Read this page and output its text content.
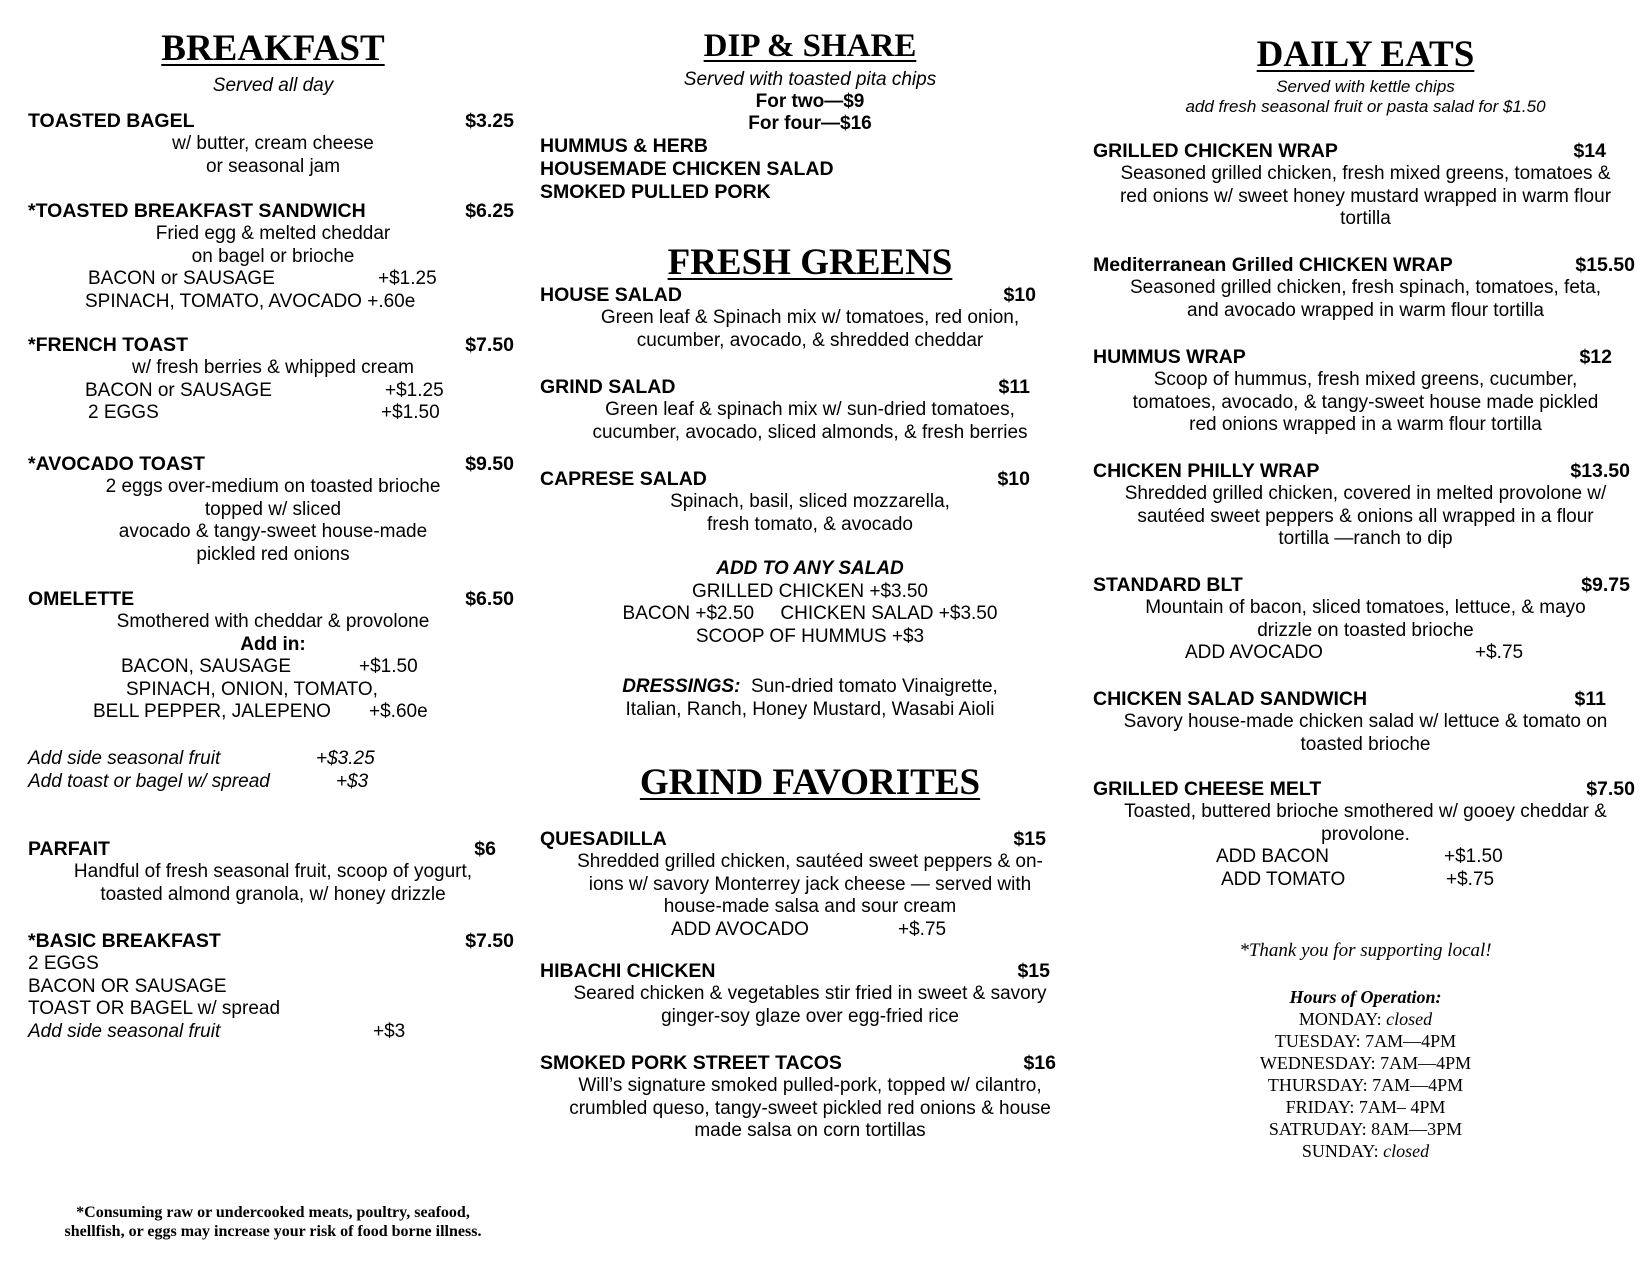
BREAKFAST
Served all day
TOASTED BAGEL	$3.25
w/ butter, cream cheese
or seasonal jam
*TOASTED BREAKFAST SANDWICH	$6.25
Fried egg & melted cheddar
on bagel or brioche
BACON or SAUSAGE	+$1.25
SPINACH, TOMATO, AVOCADO +.60e
*FRENCH TOAST	$7.50
w/ fresh berries & whipped cream
BACON or SAUSAGE	+$1.25
2 EGGS	+$1.50
*AVOCADO TOAST	$9.50
2 eggs over-medium on toasted brioche
topped w/ sliced
avocado & tangy-sweet house-made
pickled red onions
OMELETTE	$6.50
Smothered with cheddar & provolone
Add in:
BACON, SAUSAGE	+$1.50
SPINACH, ONION, TOMATO,
BELL PEPPER, JALEPENO	+$.60e
Add side seasonal fruit	+$3.25
Add toast or bagel w/ spread	+$3
PARFAIT	$6
Handful of fresh seasonal fruit, scoop of yogurt,
toasted almond granola, w/ honey drizzle
*BASIC BREAKFAST	$7.50
2 EGGS
BACON OR SAUSAGE
TOAST OR BAGEL w/ spread
Add side seasonal fruit	+$3
*Consuming raw or undercooked meats, poultry, seafood,
shellfish, or eggs may increase your risk of food borne illness.
DIP & SHARE
Served with toasted pita chips
For two—$9
For four—$16
HUMMUS & HERB
HOUSEMADE CHICKEN SALAD
SMOKED PULLED PORK
FRESH GREENS
HOUSE SALAD	$10
Green leaf & Spinach mix w/ tomatoes, red onion,
cucumber, avocado, & shredded cheddar
GRIND SALAD	$11
Green leaf & spinach mix w/ sun-dried tomatoes,
cucumber, avocado, sliced almonds, & fresh berries
CAPRESE SALAD	$10
Spinach, basil, sliced mozzarella,
fresh tomato, & avocado
ADD TO ANY SALAD
GRILLED CHICKEN +$3.50
BACON +$2.50     CHICKEN SALAD +$3.50
SCOOP OF HUMMUS +$3
DRESSINGS: Sun-dried tomato Vinaigrette,
Italian, Ranch, Honey Mustard, Wasabi Aioli
GRIND FAVORITES
QUESADILLA	$15
Shredded grilled chicken, sautéed sweet peppers & on-
ions w/ savory Monterrey jack cheese — served with
house-made salsa and sour cream
ADD AVOCADO	+$.75
HIBACHI CHICKEN	$15
Seared chicken & vegetables stir fried in sweet & savory
ginger-soy glaze over egg-fried rice
SMOKED PORK STREET TACOS	$16
Will’s signature smoked pulled-pork, topped w/ cilantro,
crumbled queso, tangy-sweet pickled red onions & house
made salsa on corn tortillas
DAILY EATS
Served with kettle chips
add fresh seasonal fruit or pasta salad for $1.50
GRILLED CHICKEN WRAP	$14
Seasoned grilled chicken, fresh mixed greens, tomatoes &
red onions w/ sweet honey mustard wrapped in warm flour
tortilla
Mediterranean Grilled CHICKEN WRAP	$15.50
Seasoned grilled chicken, fresh spinach, tomatoes, feta,
and avocado wrapped in warm flour tortilla
HUMMUS WRAP	$12
Scoop of hummus, fresh mixed greens, cucumber,
tomatoes, avocado, & tangy-sweet house made pickled
red onions wrapped in a warm flour tortilla
CHICKEN PHILLY WRAP	$13.50
Shredded grilled chicken, covered in melted provolone w/
sautéed sweet peppers & onions all wrapped in a flour
tortilla —ranch to dip
STANDARD BLT	$9.75
Mountain of bacon, sliced tomatoes, lettuce, & mayo
drizzle on toasted brioche
ADD AVOCADO	+$.75
CHICKEN SALAD SANDWICH	$11
Savory house-made chicken salad w/ lettuce & tomato on
toasted brioche
GRILLED CHEESE MELT	$7.50
Toasted, buttered brioche smothered w/ gooey cheddar &
provolone.
ADD BACON	+$1.50
ADD TOMATO	+$.75
*Thank you for supporting local!
Hours of Operation:
MONDAY: closed
TUESDAY: 7AM—4PM
WEDNESDAY: 7AM—4PM
THURSDAY: 7AM—4PM
FRIDAY: 7AM– 4PM
SATRUDAY: 8AM—3PM
SUNDAY: closed
